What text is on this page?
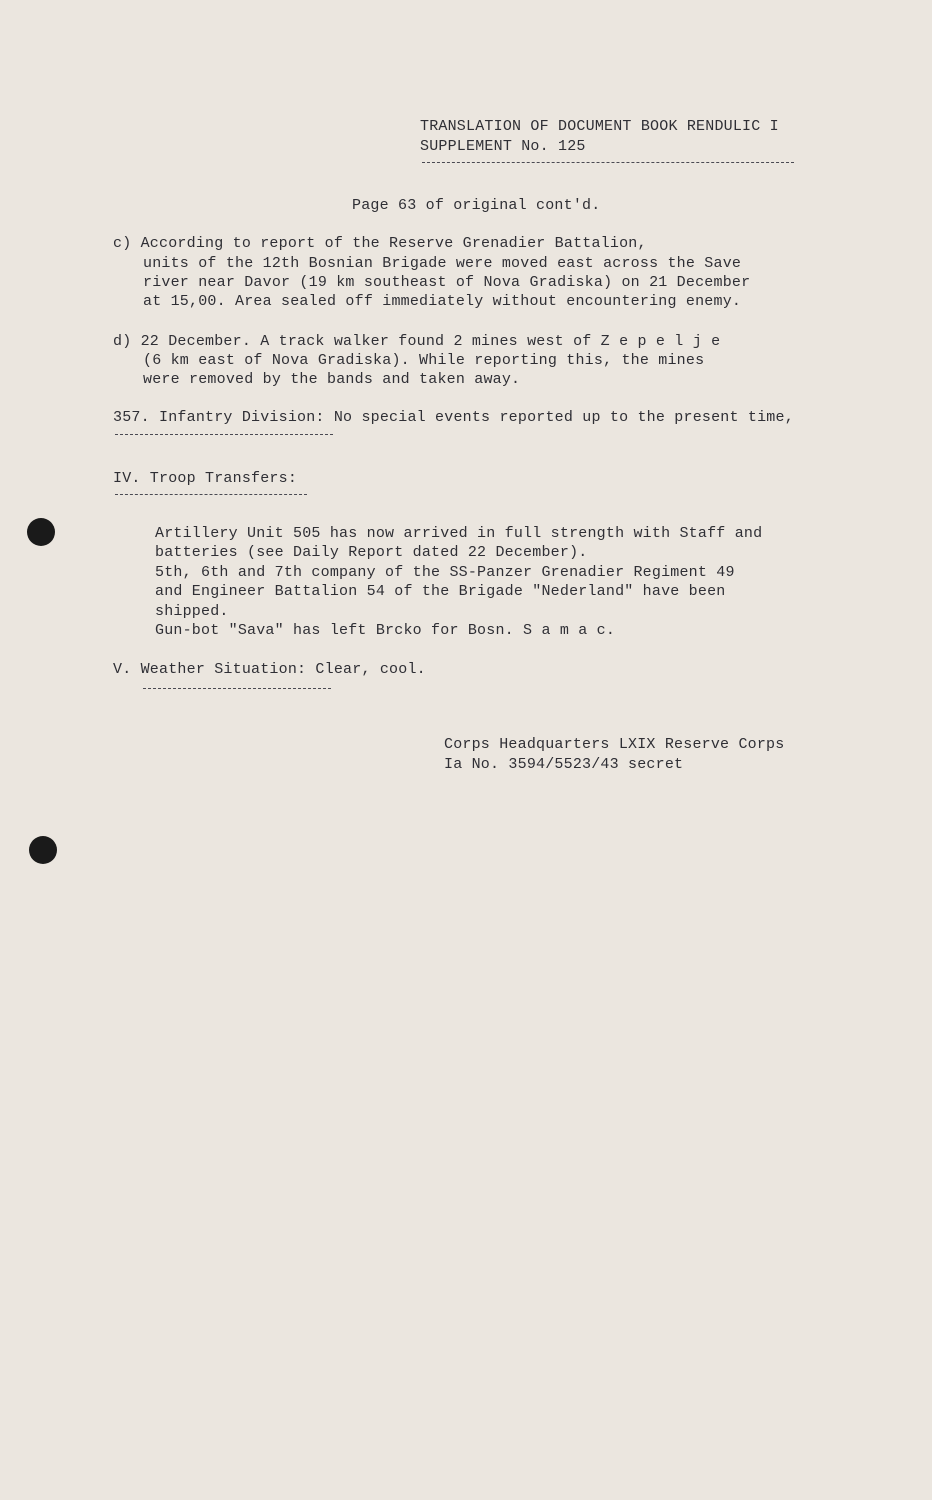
TRANSLATION OF DOCUMENT BOOK RENDULIC I
SUPPLEMENT No. 125
Page 63 of original cont'd.
c) According to report of the Reserve Grenadier Battalion,
units of the 12th Bosnian Brigade were moved east across the Save
river near Davor (19 km southeast of Nova Gradiska) on 21 December
at 15,00. Area sealed off immediately without encountering enemy.
d) 22 December. A track walker found 2 mines west of Z e p e l j e
(6 km east of Nova Gradiska). While reporting this, the mines
were removed by the bands and taken away.
357. Infantry Division: No special events reported up to the present time,
IV. Troop Transfers:
Artillery Unit 505 has now arrived in full strength with Staff and
batteries (see Daily Report dated 22 December).
5th, 6th and 7th company of the SS-Panzer Grenadier Regiment 49
and Engineer Battalion 54 of the Brigade "Nederland" have been
shipped.
Gun-bot "Sava" has left Brcko for Bosn. S a m a c.
V. Weather Situation: Clear, cool.
Corps Headquarters LXIX Reserve Corps
Ia No. 3594/5523/43 secret
